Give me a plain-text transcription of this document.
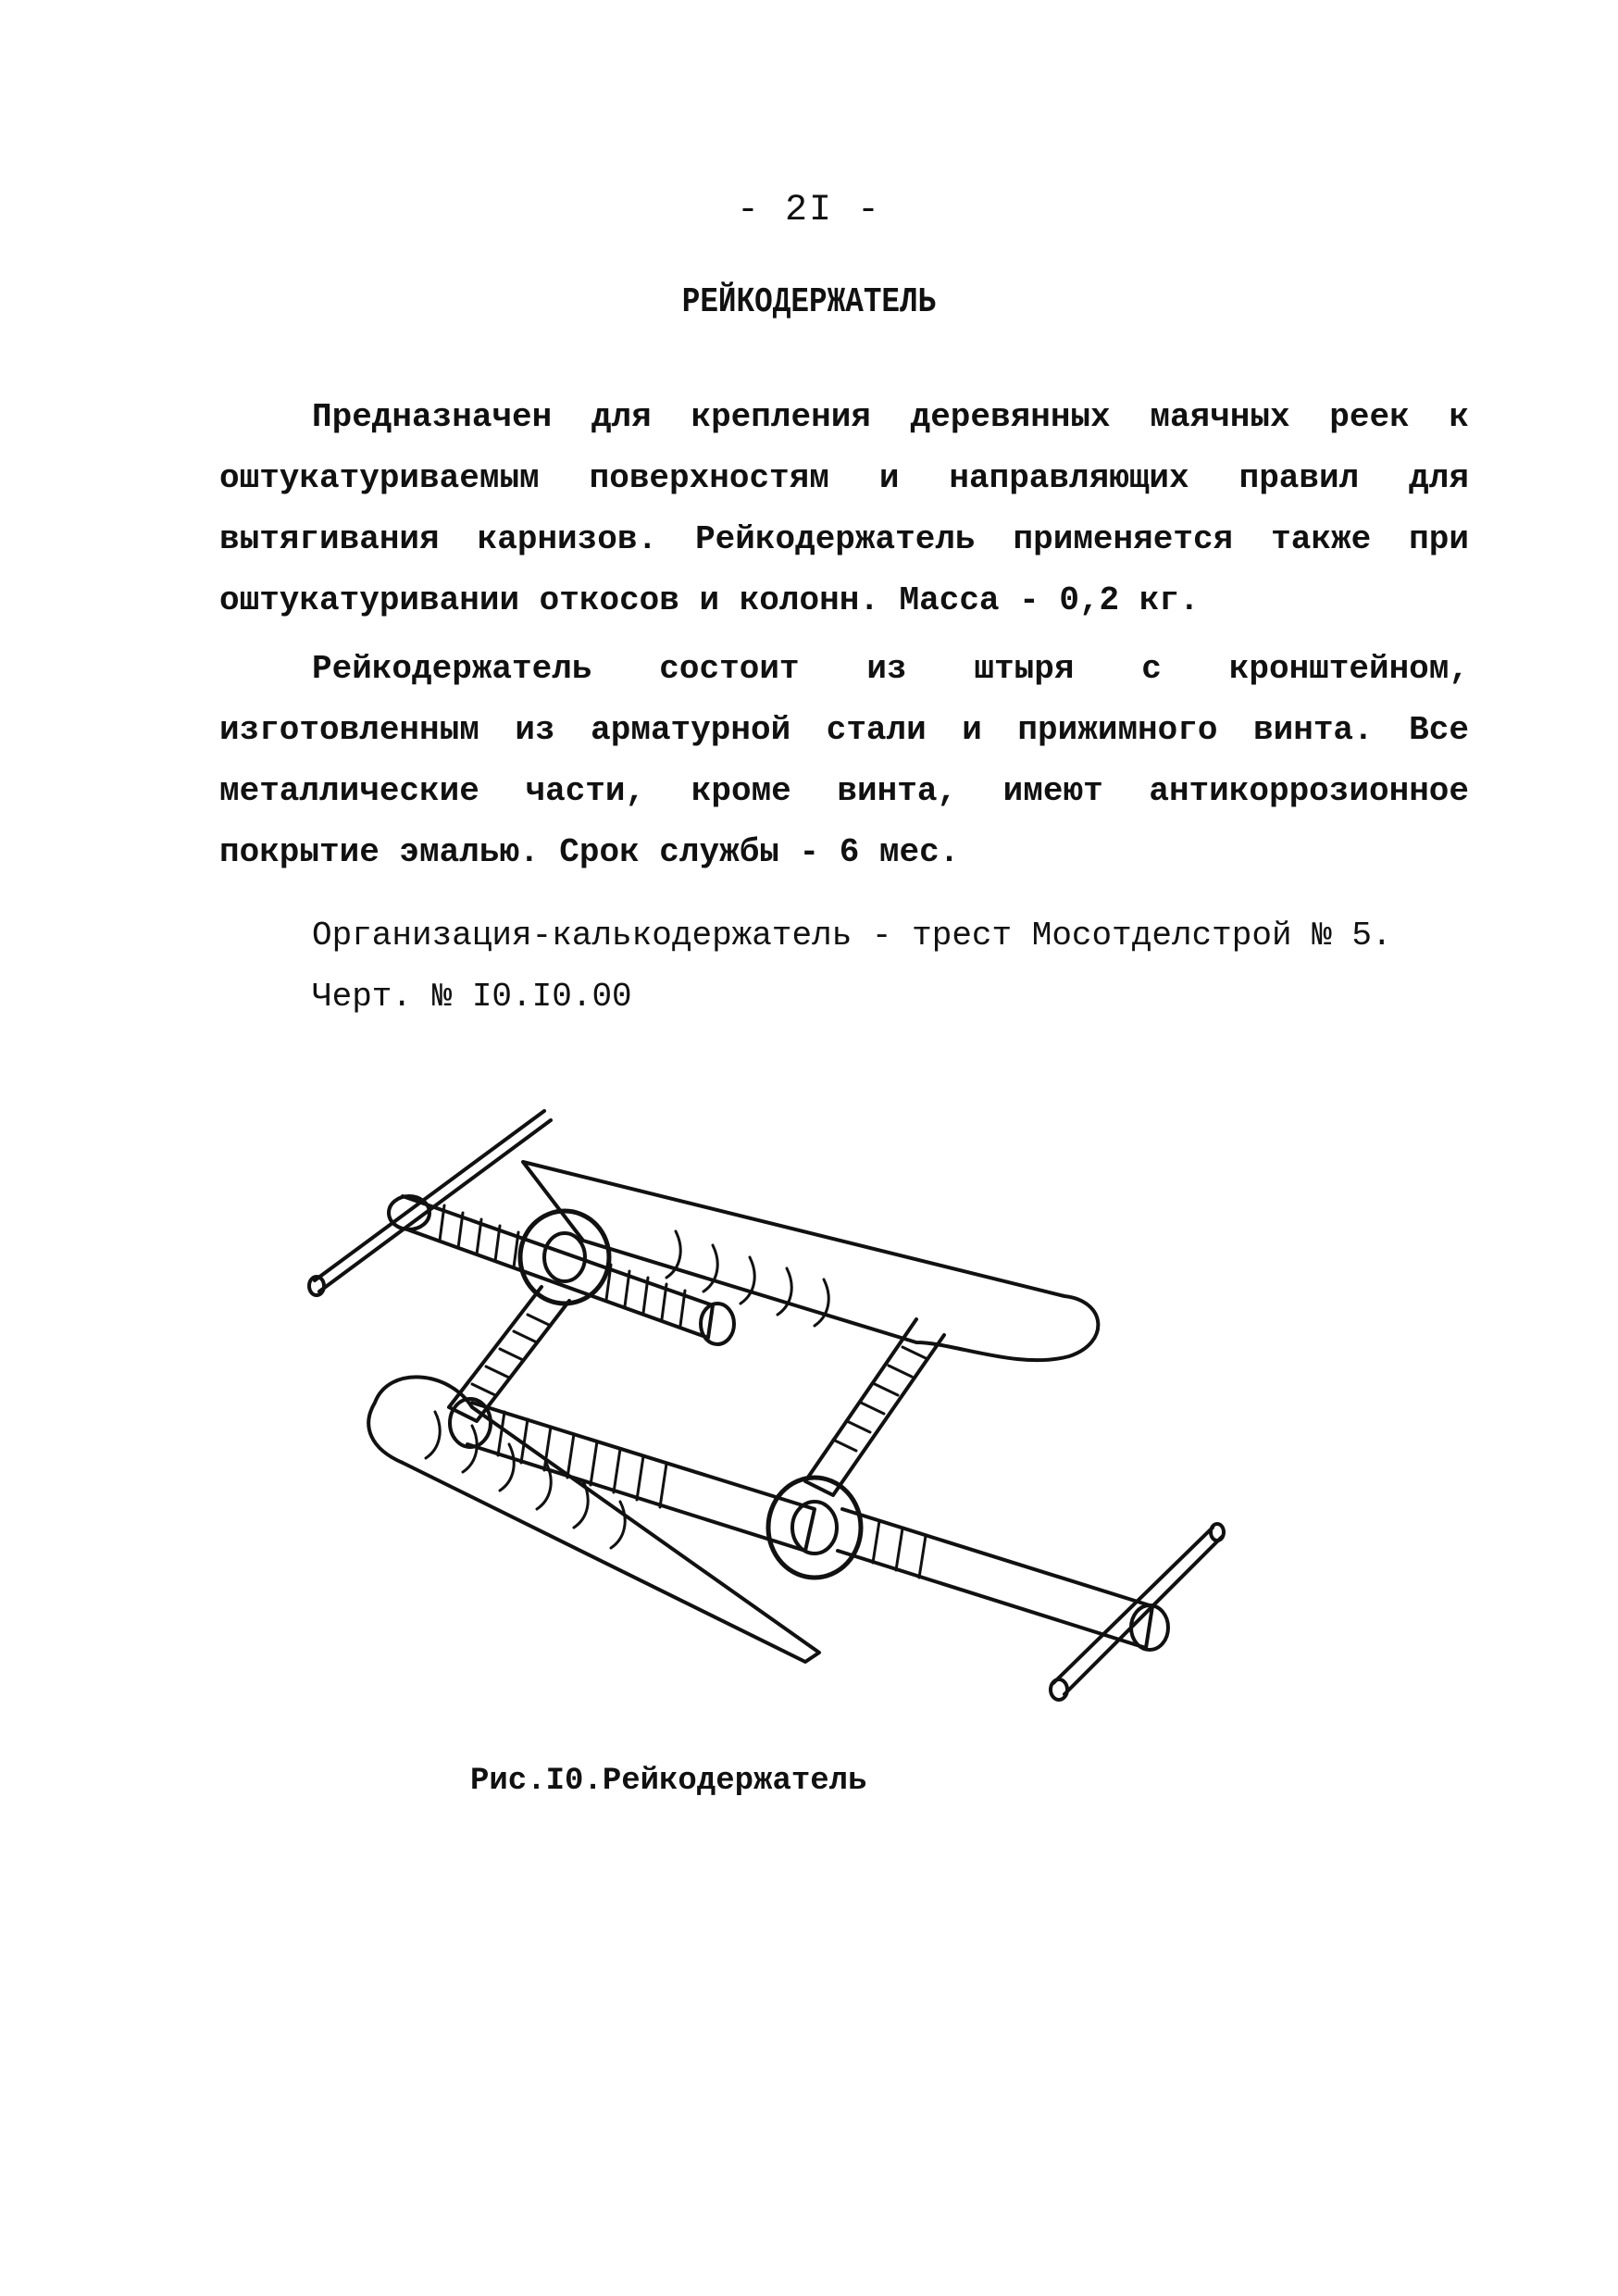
- 2I -
РЕЙКОДЕРЖАТЕЛЬ

Предназначен для крепления деревянных маячных реек к оштукатуриваемым поверхностям и направляющих правил для вытягивания карнизов. Рейкодержатель применяется также при оштукатуривании откосов и колонн. Масса - 0,2 кг.

Рейкодержатель состоит из штыря с кронштейном, изготовленным из арматурной стали и прижимного винта. Все металлические части, кроме винта, имеют антикоррозионное покрытие эмалью. Срок службы - 6 мес.

Организация-калькодержатель - трест Мосотделстрой № 5.
Черт. № I0.I0.00
Рис.I0.Рейкодержатель
